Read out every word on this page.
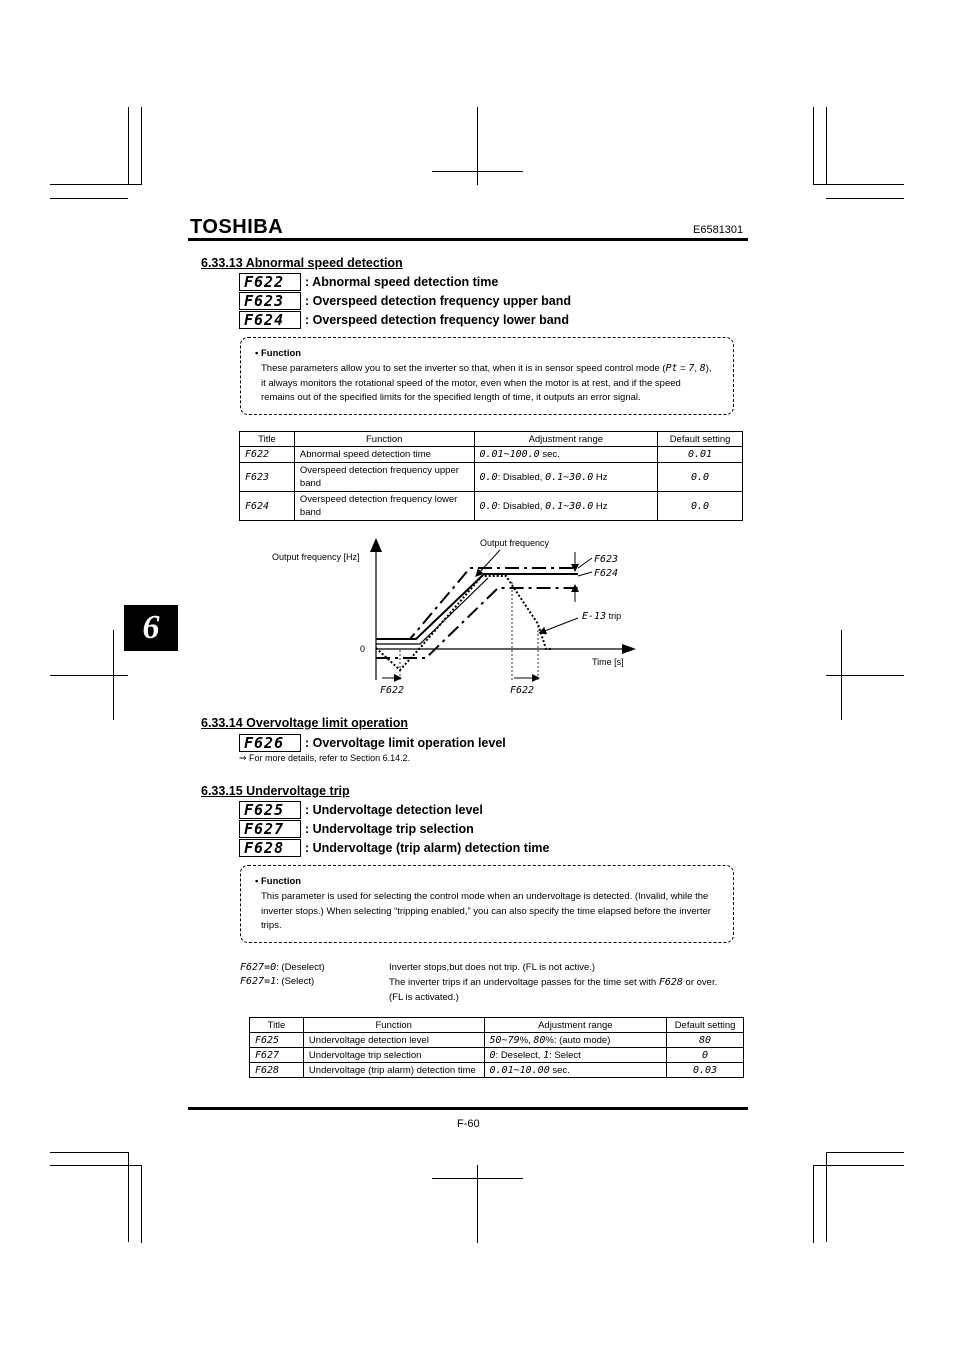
TOSHIBA	E6581301
6.33.13 Abnormal speed detection
F622	: Abnormal speed detection time
F623	: Overspeed detection frequency upper band
F624	: Overspeed detection frequency lower band
• Function
These parameters allow you to set the inverter so that, when it is in sensor speed control mode (Pt = 7, 8), it always monitors the rotational speed of the motor, even when the motor is at rest, and if the speed remains out of the specified limits for the specified length of time, it outputs an error signal.
Title	Function	Adjustment range	Default setting
F622	Abnormal speed detection time	0.01~100.0 sec.	0.01
F623	Overspeed detection frequency upper band	0.0: Disabled, 0.1~30.0 Hz	0.0
F624	Overspeed detection frequency lower band	0.0: Disabled, 0.1~30.0 Hz	0.0
Output frequency [Hz]
Output frequency
0
Time [s]
F623
F624
E-13 trip
F622	F622
6
6.33.14 Overvoltage limit operation
F626	: Overvoltage limit operation level
⇒ For more details, refer to Section 6.14.2.
6.33.15 Undervoltage trip
F625	: Undervoltage detection level
F627	: Undervoltage trip selection
F628	: Undervoltage (trip alarm) detection time
• Function
This parameter is used for selecting the control mode when an undervoltage is detected. (Invalid, while the inverter stops.) When selecting “tripping enabled,” you can also specify the time elapsed before the inverter trips.
F627=0: (Deselect)	Inverter stops,but does not trip. (FL is not active.)
F627=1: (Select)	The inverter trips if an undervoltage passes for the time set with F628 or over.
(FL is activated.)
Title	Function	Adjustment range	Default setting
F625	Undervoltage detection level	50~79%, 80%: (auto mode)	80
F627	Undervoltage trip selection	0: Deselect, 1: Select	0
F628	Undervoltage (trip alarm) detection time	0.01~10.00 sec.	0.03
F-60
